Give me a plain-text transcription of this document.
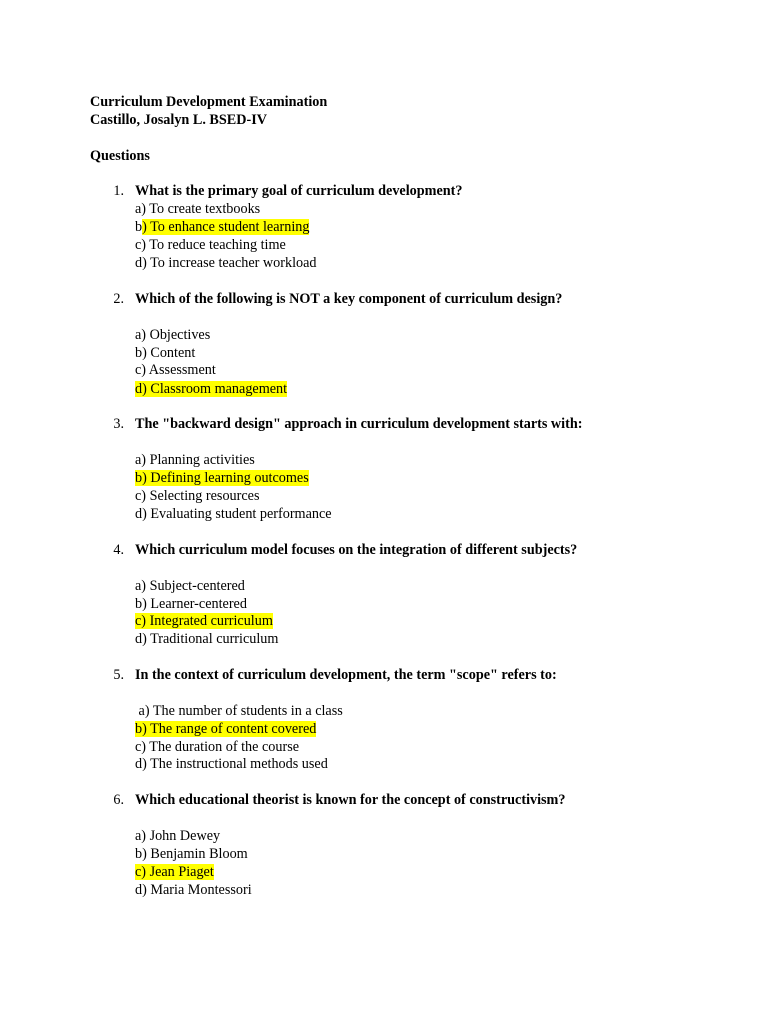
Curriculum Development Examination
Castillo, Josalyn L. BSED-IV
Questions
1. What is the primary goal of curriculum development?
a) To create textbooks
b) To enhance student learning
c) To reduce teaching time
d) To increase teacher workload
2. Which of the following is NOT a key component of curriculum design?
a) Objectives
b) Content
c) Assessment
d) Classroom management
3. The "backward design" approach in curriculum development starts with:
a) Planning activities
b) Defining learning outcomes
c) Selecting resources
d) Evaluating student performance
4. Which curriculum model focuses on the integration of different subjects?
a) Subject-centered
b) Learner-centered
c) Integrated curriculum
d) Traditional curriculum
5. In the context of curriculum development, the term "scope" refers to:
a) The number of students in a class
b) The range of content covered
c) The duration of the course
d) The instructional methods used
6. Which educational theorist is known for the concept of constructivism?
a) John Dewey
b) Benjamin Bloom
c) Jean Piaget
d) Maria Montessori
